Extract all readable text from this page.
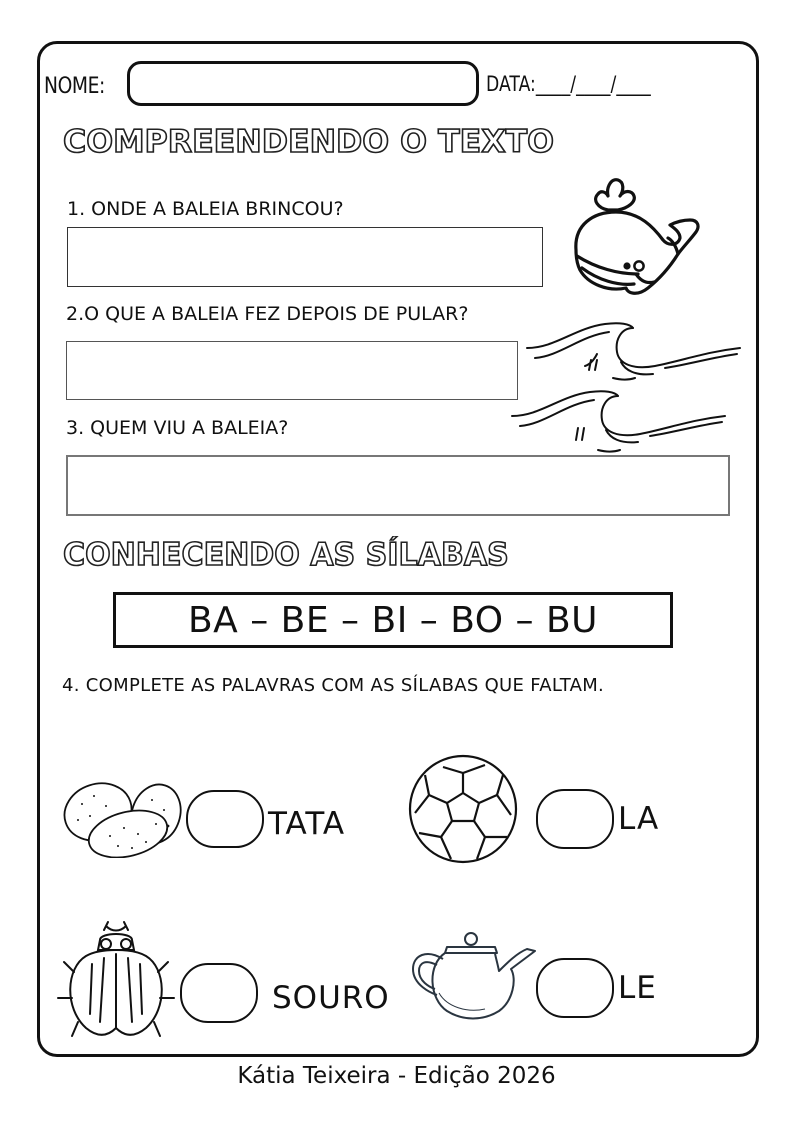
NOME:	DATA:____/____/____
COMPREENDENDO O TEXTO
1. ONDE A BALEIA BRINCOU?
2.O QUE A BALEIA FEZ DEPOIS DE PULAR?
3. QUEM VIU A BALEIA?
CONHECENDO AS SÍLABAS
BA – BE – BI – BO – BU
4. COMPLETE AS PALAVRAS COM AS SÍLABAS QUE FALTAM.
TATA	LA
SOURO	LE
Kátia Teixeira - Edição 2026
